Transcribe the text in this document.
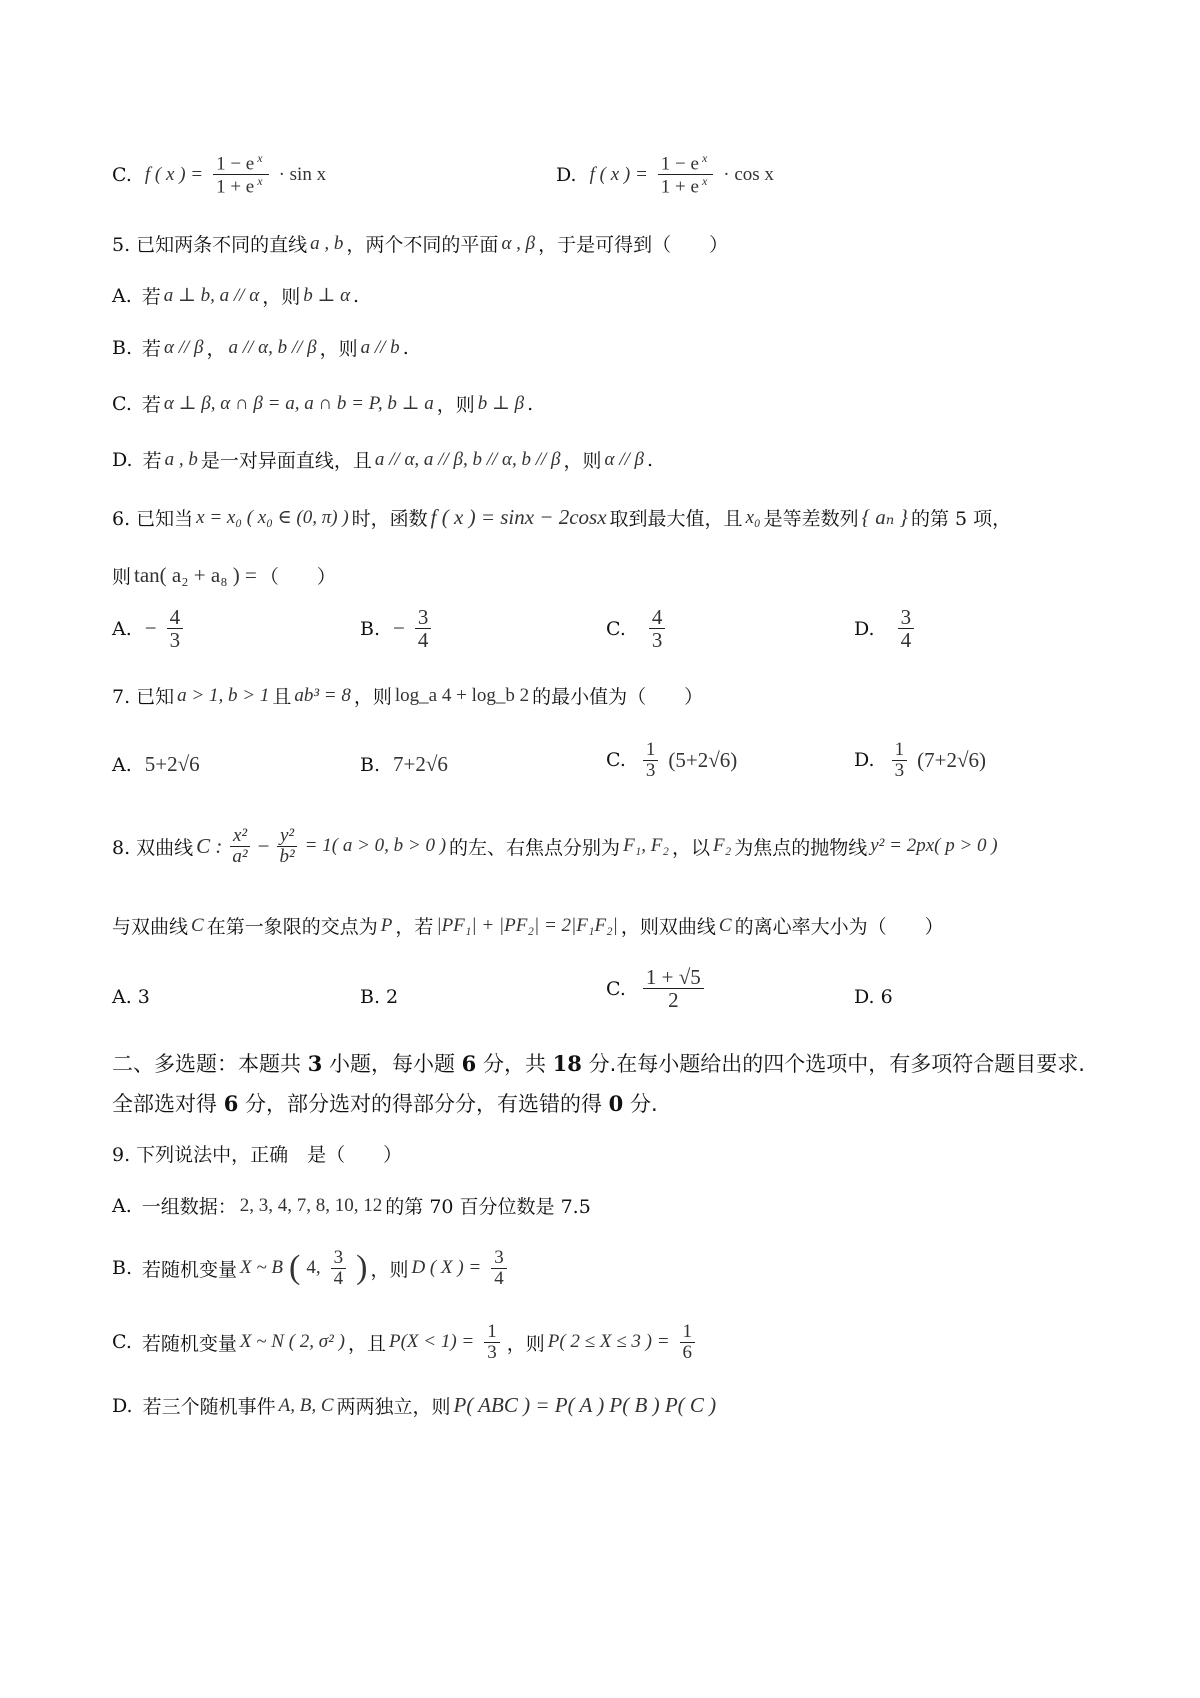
C. f ( x ) = $\frac{1 - e ^x}{1 + e ^x} \cdot \sin x$	D. f ( x ) = $\frac{1 - e ^x}{1 + e ^x} \cdot \cos x$
5. 已知两条不同的直线 a , b ，两个不同的平面 α , β ，于是可得到（　　）
A. 若 a ⊥ b, a // α ，则 b ⊥ α .
B. 若 α // β ， a // α, b // β ，则 a // b .
C. 若 α ⊥ β, α ∩ β = a, a ∩ b = P, b ⊥ a ，则 b ⊥ β .
D. 若 a , b 是一对异面直线，且 a // α, a // β, b // α, b // β ，则 α // β .
6. 已知当 x = x₀ ( x₀ ∈ (0, π) ) 时，函数 f ( x ) = sinx − 2cosx 取到最大值，且 x₀ 是等差数列 { aₙ } 的第 5 项，
则 tan( a₂ + a₈ ) = （　　）
A. − $\frac{4}{3}$	B. − $\frac{3}{4}$	C. $\frac{4}{3}$	D. $\frac{3}{4}$
7. 已知 a > 1, b > 1 且 ab³ = 8 ，则 log_a 4 + log_b 2 的最小值为（　　）
A. 5+2√6	B. 7+2√6	C. $\frac{1}{3} (5+2√6)$	D. $\frac{1}{3} (7+2√6)$
8. 双曲线 C : $\frac{\text{x²}}{\text{a²}} - \frac{\text{y²}}{\text{b²}} = 1$( a > 0, b > 0 ) 的左、右焦点分别为 F₁, F₂ ，以 F₂ 为焦点的抛物线 y² = 2px( p > 0 )
与双曲线 C 在第一象限的交点为 P ，若 |PF₁| + |PF₂| = 2|F₁F₂| ，则双曲线 C 的离心率大小为（　　）
A. 3	B. 2	C. $\frac{1 + √5}{2}$	D. 6
二、多选题：本题共 3 小题，每小题 6 分，共 18 分.在每小题给出的四个选项中，有多项符合题目要求.全部选对得 6 分，部分选对的得部分分，有选错的得 0 分.
9. 下列说法中，正确　是（　　）
A. 一组数据： 2, 3, 4, 7, 8, 10, 12 的第 70 百分位数是 7.5
B. 若随机变量 X ~ B ( 4, $\frac{3}{4}$ ) ，则 D ( X ) = $\frac{3}{4}$
C. 若随机变量 X ~ N ( 2, σ² ) ，且 $P(X < 1) = \frac{1}{3}$ ，则 P( 2 ≤ X ≤ 3 ) = $\frac{1}{6}$
D. 若三个随机事件 A, B, C 两两独立，则 P( ABC ) = P( A ) P( B ) P( C )
